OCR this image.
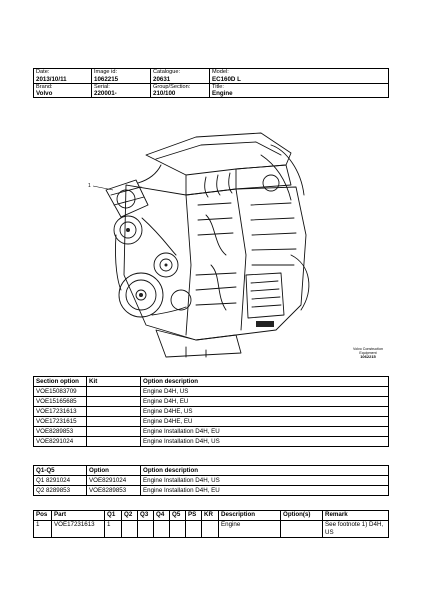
Date:
2013/10/11	Image id:
1062215	Catalogue:
20631	Model:
EC160D L

Brand:
Volvo	Serial:
220001-	Group/Section:
210/100	Title:
Engine
1
Volvo Construction
Equipment
1062215
Section option	Kit	Option description
VOE15083709		Engine D4H, US
VOE15165685		Engine D4H, EU
VOE17231613		Engine D4HE, US
VOE17231615		Engine D4HE, EU
VOE8289853		Engine Installation D4H, EU
VOE8291024		Engine Installation D4H, US
Q1-Q5	Option	Option description
Q1 8291024	VOE8291024	Engine Installation D4H, US
Q2 8289853	VOE8289853	Engine Installation D4H, EU
Pos	Part	Q1	Q2	Q3	Q4	Q5	PS	KR	Description	Option(s)	Remark
1	VOE17231613	1							Engine		See footnote 1) D4H, US
